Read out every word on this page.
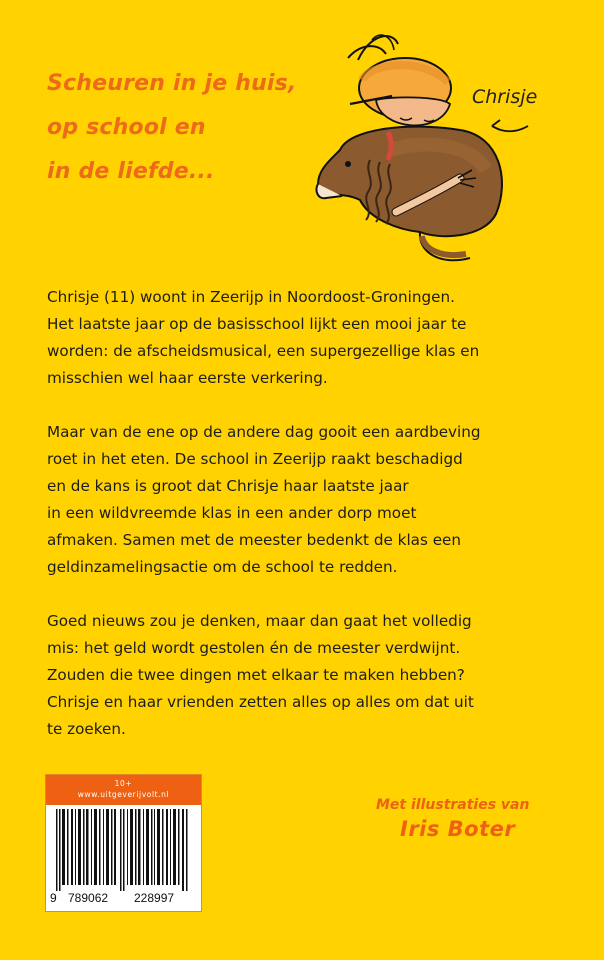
Scheuren in je huis,
op school en
in de liefde...
Chrisje

Chrisje (11) woont in Zeerijp in Noordoost-Groningen.
Het laatste jaar op de basisschool lijkt een mooi jaar te
worden: de afscheidsmusical, een supergezellige klas en
misschien wel haar eerste verkering.

Maar van de ene op de andere dag gooit een aardbeving
roet in het eten. De school in Zeerijp raakt beschadigd
en de kans is groot dat Chrisje haar laatste jaar
in een wildvreemde klas in een ander dorp moet
afmaken. Samen met de meester bedenkt de klas een
geldinzamelingsactie om de school te redden.

Goed nieuws zou je denken, maar dan gaat het volledig
mis: het geld wordt gestolen én de meester verdwijnt.
Zouden die twee dingen met elkaar te maken hebben?
Chrisje en haar vrienden zetten alles op alles om dat uit
te zoeken.

10+
www.uitgeverijvolt.nl
9 789062 228997
Met illustraties van
Iris Boter
